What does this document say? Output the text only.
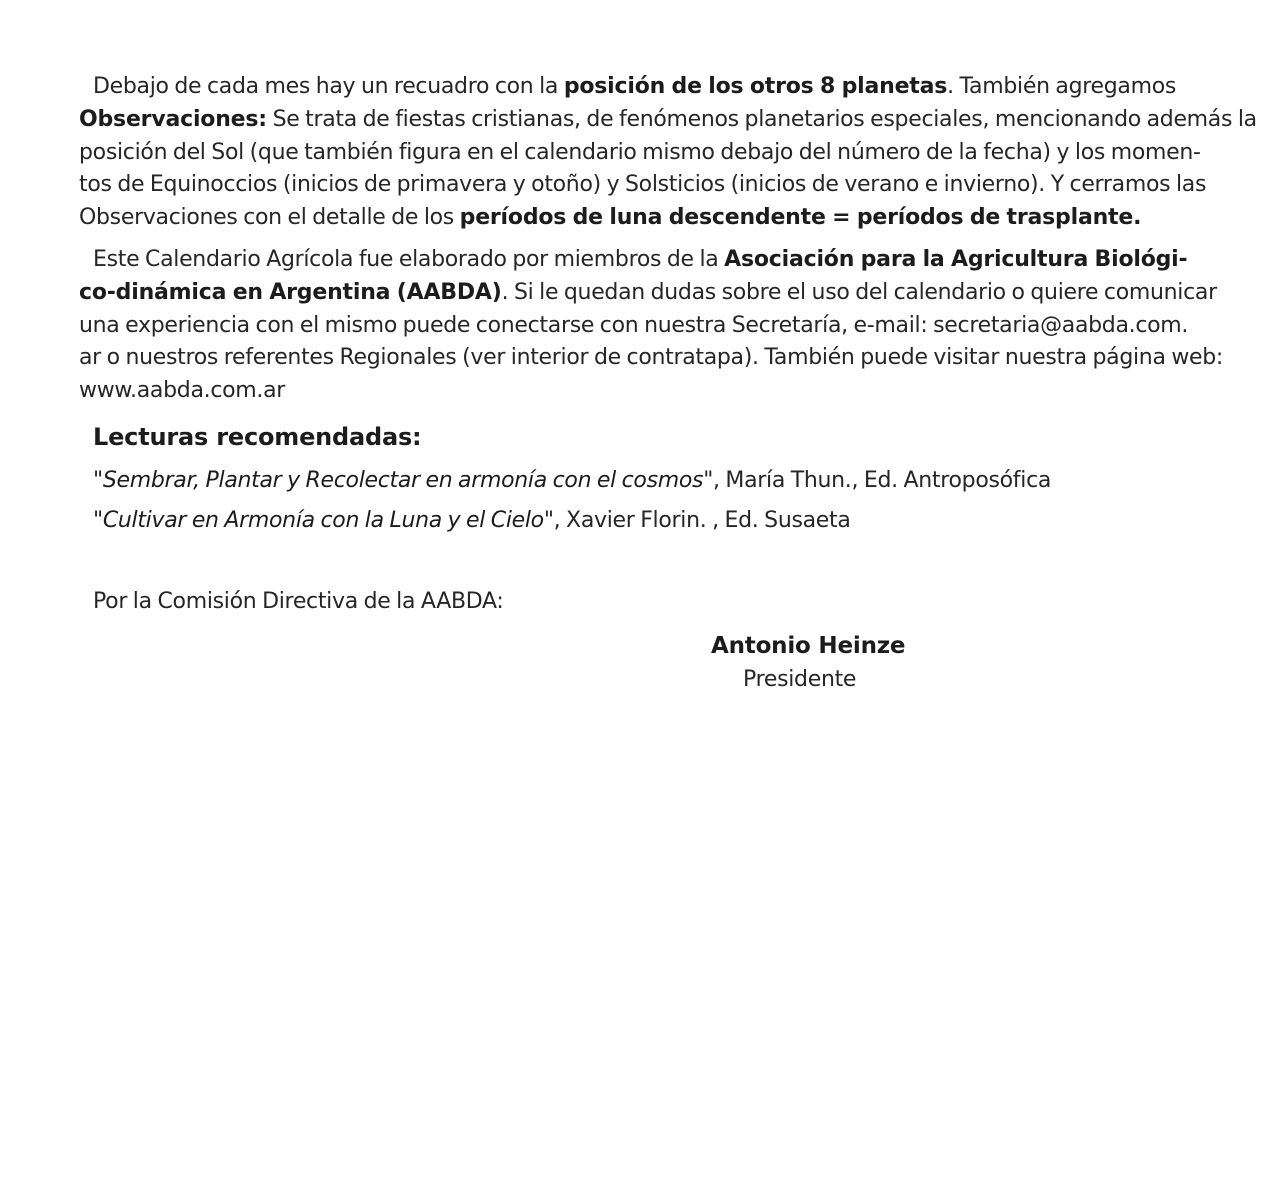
Debajo de cada mes hay un recuadro con la posición de los otros 8 planetas. También agregamos
Observaciones: Se trata de fiestas cristianas, de fenómenos planetarios especiales, mencionando además la
posición del Sol (que también figura en el calendario mismo debajo del número de la fecha) y los momen-
tos de Equinoccios (inicios de primavera y otoño) y Solsticios (inicios de verano e invierno). Y cerramos las
Observaciones con el detalle de los períodos de luna descendente = períodos de trasplante.

Este Calendario Agrícola fue elaborado por miembros de la Asociación para la Agricultura Biológi-
co-dinámica en Argentina (AABDA). Si le quedan dudas sobre el uso del calendario o quiere comunicar
una experiencia con el mismo puede conectarse con nuestra Secretaría, e-mail: secretaria@aabda.com.
ar o nuestros referentes Regionales (ver interior de contratapa). También puede visitar nuestra página web:
www.aabda.com.ar

Lecturas recomendadas:
"Sembrar, Plantar y Recolectar en armonía con el cosmos", María Thun., Ed. Antroposófica
"Cultivar en Armonía con la Luna y el Cielo", Xavier Florin. , Ed. Susaeta
Por la Comisión Directiva de la AABDA:
Antonio Heinze
Presidente
